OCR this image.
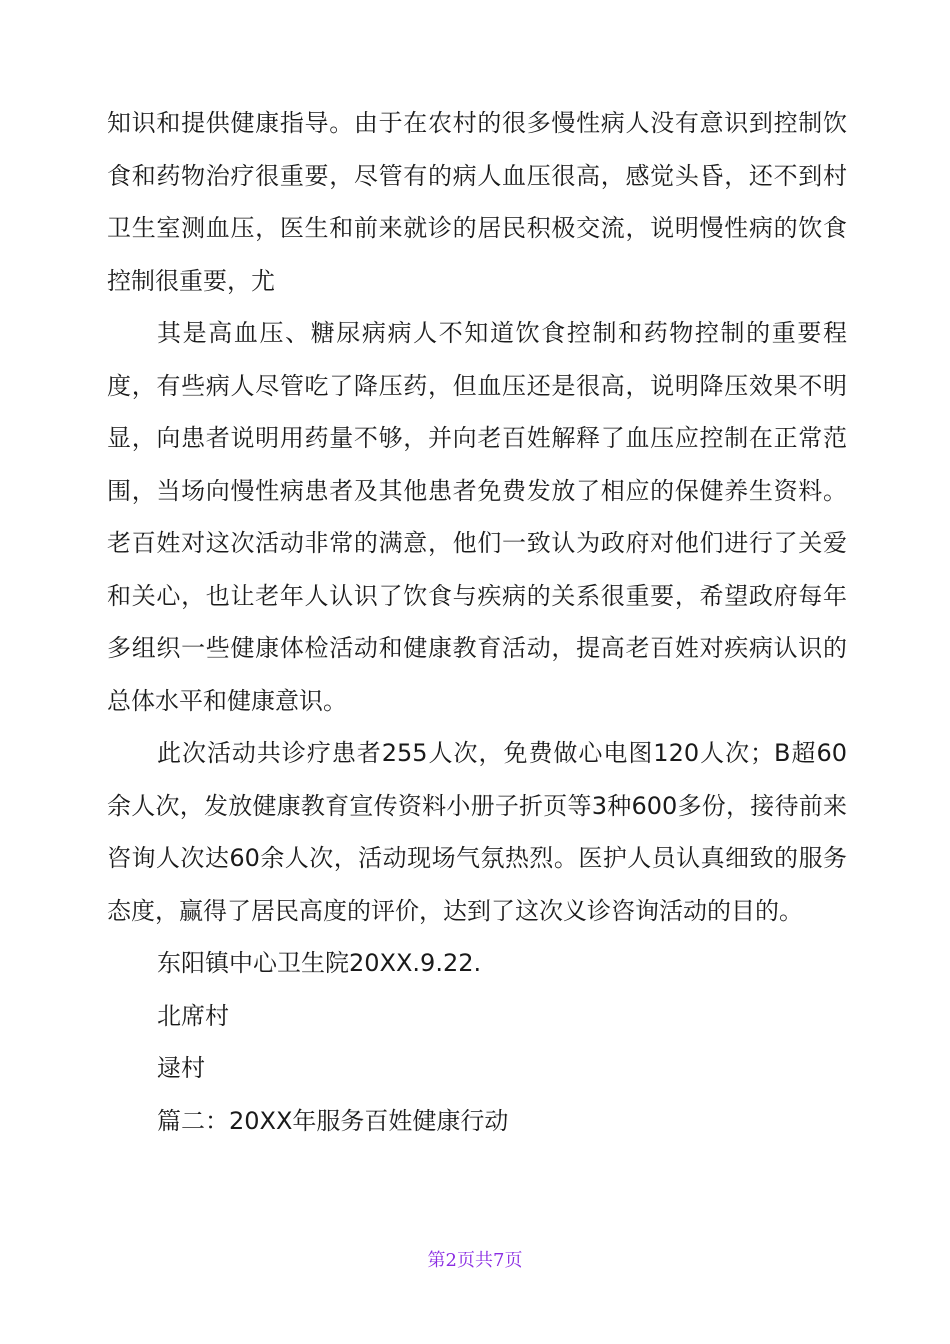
知识和提供健康指导。由于在农村的很多慢性病人没有意识到控制饮食和药物治疗很重要，尽管有的病人血压很高，感觉头昏，还不到村卫生室测血压，医生和前来就诊的居民积极交流，说明慢性病的饮食控制很重要，尤

其是高血压、糖尿病病人不知道饮食控制和药物控制的重要程度，有些病人尽管吃了降压药，但血压还是很高，说明降压效果不明显，向患者说明用药量不够，并向老百姓解释了血压应控制在正常范围，当场向慢性病患者及其他患者免费发放了相应的保健养生资料。老百姓对这次活动非常的满意，他们一致认为政府对他们进行了关爱和关心，也让老年人认识了饮食与疾病的关系很重要，希望政府每年多组织一些健康体检活动和健康教育活动，提高老百姓对疾病认识的总体水平和健康意识。

此次活动共诊疗患者255人次，免费做心电图120人次；B超60余人次，发放健康教育宣传资料小册子折页等3种600多份，接待前来咨询人次达60余人次，活动现场气氛热烈。医护人员认真细致的服务态度，赢得了居民高度的评价，达到了这次义诊咨询活动的目的。

东阳镇中心卫生院20XX.9.22.
北席村
逯村
篇二：20XX年服务百姓健康行动
第2页共7页
